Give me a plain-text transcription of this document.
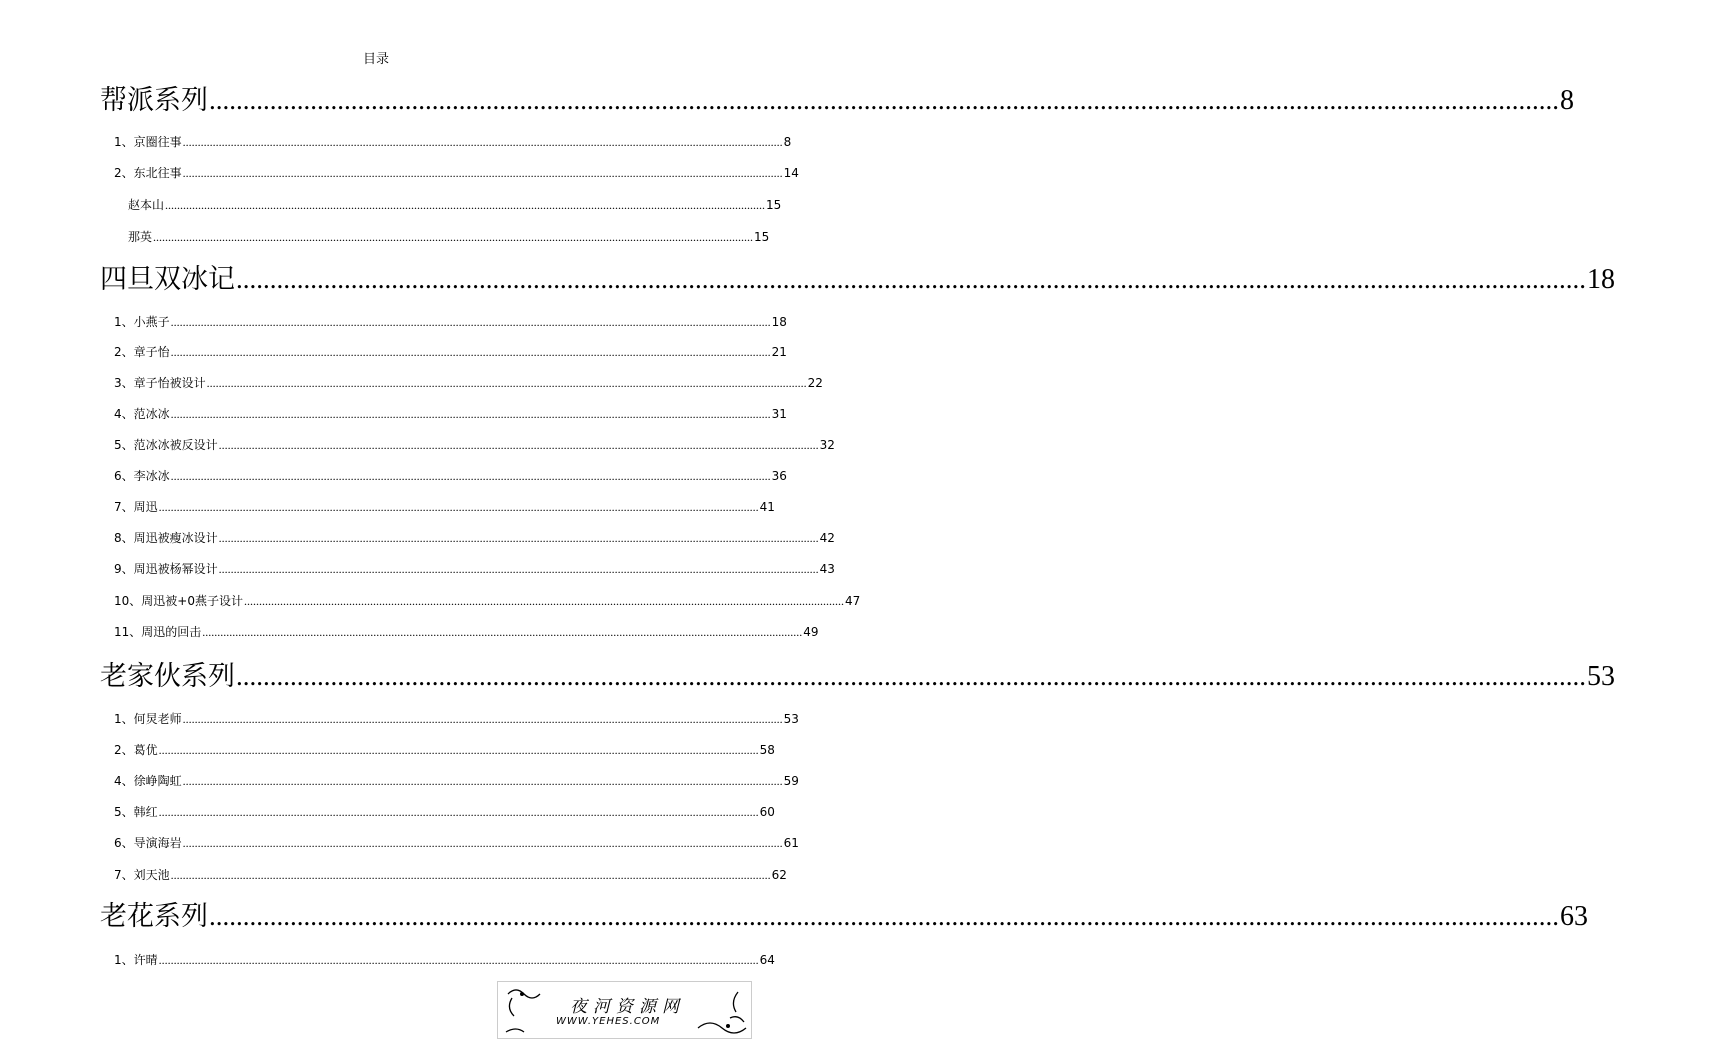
目录
帮派系列 ........................................................................................................................................................................................................ 8
1、京圈往事 ........................................................................................................................................................................................................ 8
2、东北往事 ........................................................................................................................................................................................................ 14
赵本山 ........................................................................................................................................................................................................ 15
那英 ........................................................................................................................................................................................................ 15
四旦双冰记 ........................................................................................................................................................................................................ 18
1、小燕子 ........................................................................................................................................................................................................ 18
2、章子怡 ........................................................................................................................................................................................................ 21
3、章子怡被设计 ........................................................................................................................................................................................................ 22
4、范冰冰 ........................................................................................................................................................................................................ 31
5、范冰冰被反设计 ........................................................................................................................................................................................................ 32
6、李冰冰 ........................................................................................................................................................................................................ 36
7、周迅 ........................................................................................................................................................................................................ 41
8、周迅被瘦冰设计 ........................................................................................................................................................................................................ 42
9、周迅被杨幂设计 ........................................................................................................................................................................................................ 43
10、周迅被+0燕子设计 ........................................................................................................................................................................................................ 47
11、周迅的回击 ........................................................................................................................................................................................................ 49
老家伙系列 ........................................................................................................................................................................................................ 53
1、何炅老师 ........................................................................................................................................................................................................ 53
2、葛优 ........................................................................................................................................................................................................ 58
4、徐峥陶虹 ........................................................................................................................................................................................................ 59
5、韩红 ........................................................................................................................................................................................................ 60
6、导演海岩 ........................................................................................................................................................................................................ 61
7、刘天池 ........................................................................................................................................................................................................ 62
老花系列 ........................................................................................................................................................................................................ 63
1、许晴 ........................................................................................................................................................................................................ 64
夜河资源网
WWW.YEHES.COM
